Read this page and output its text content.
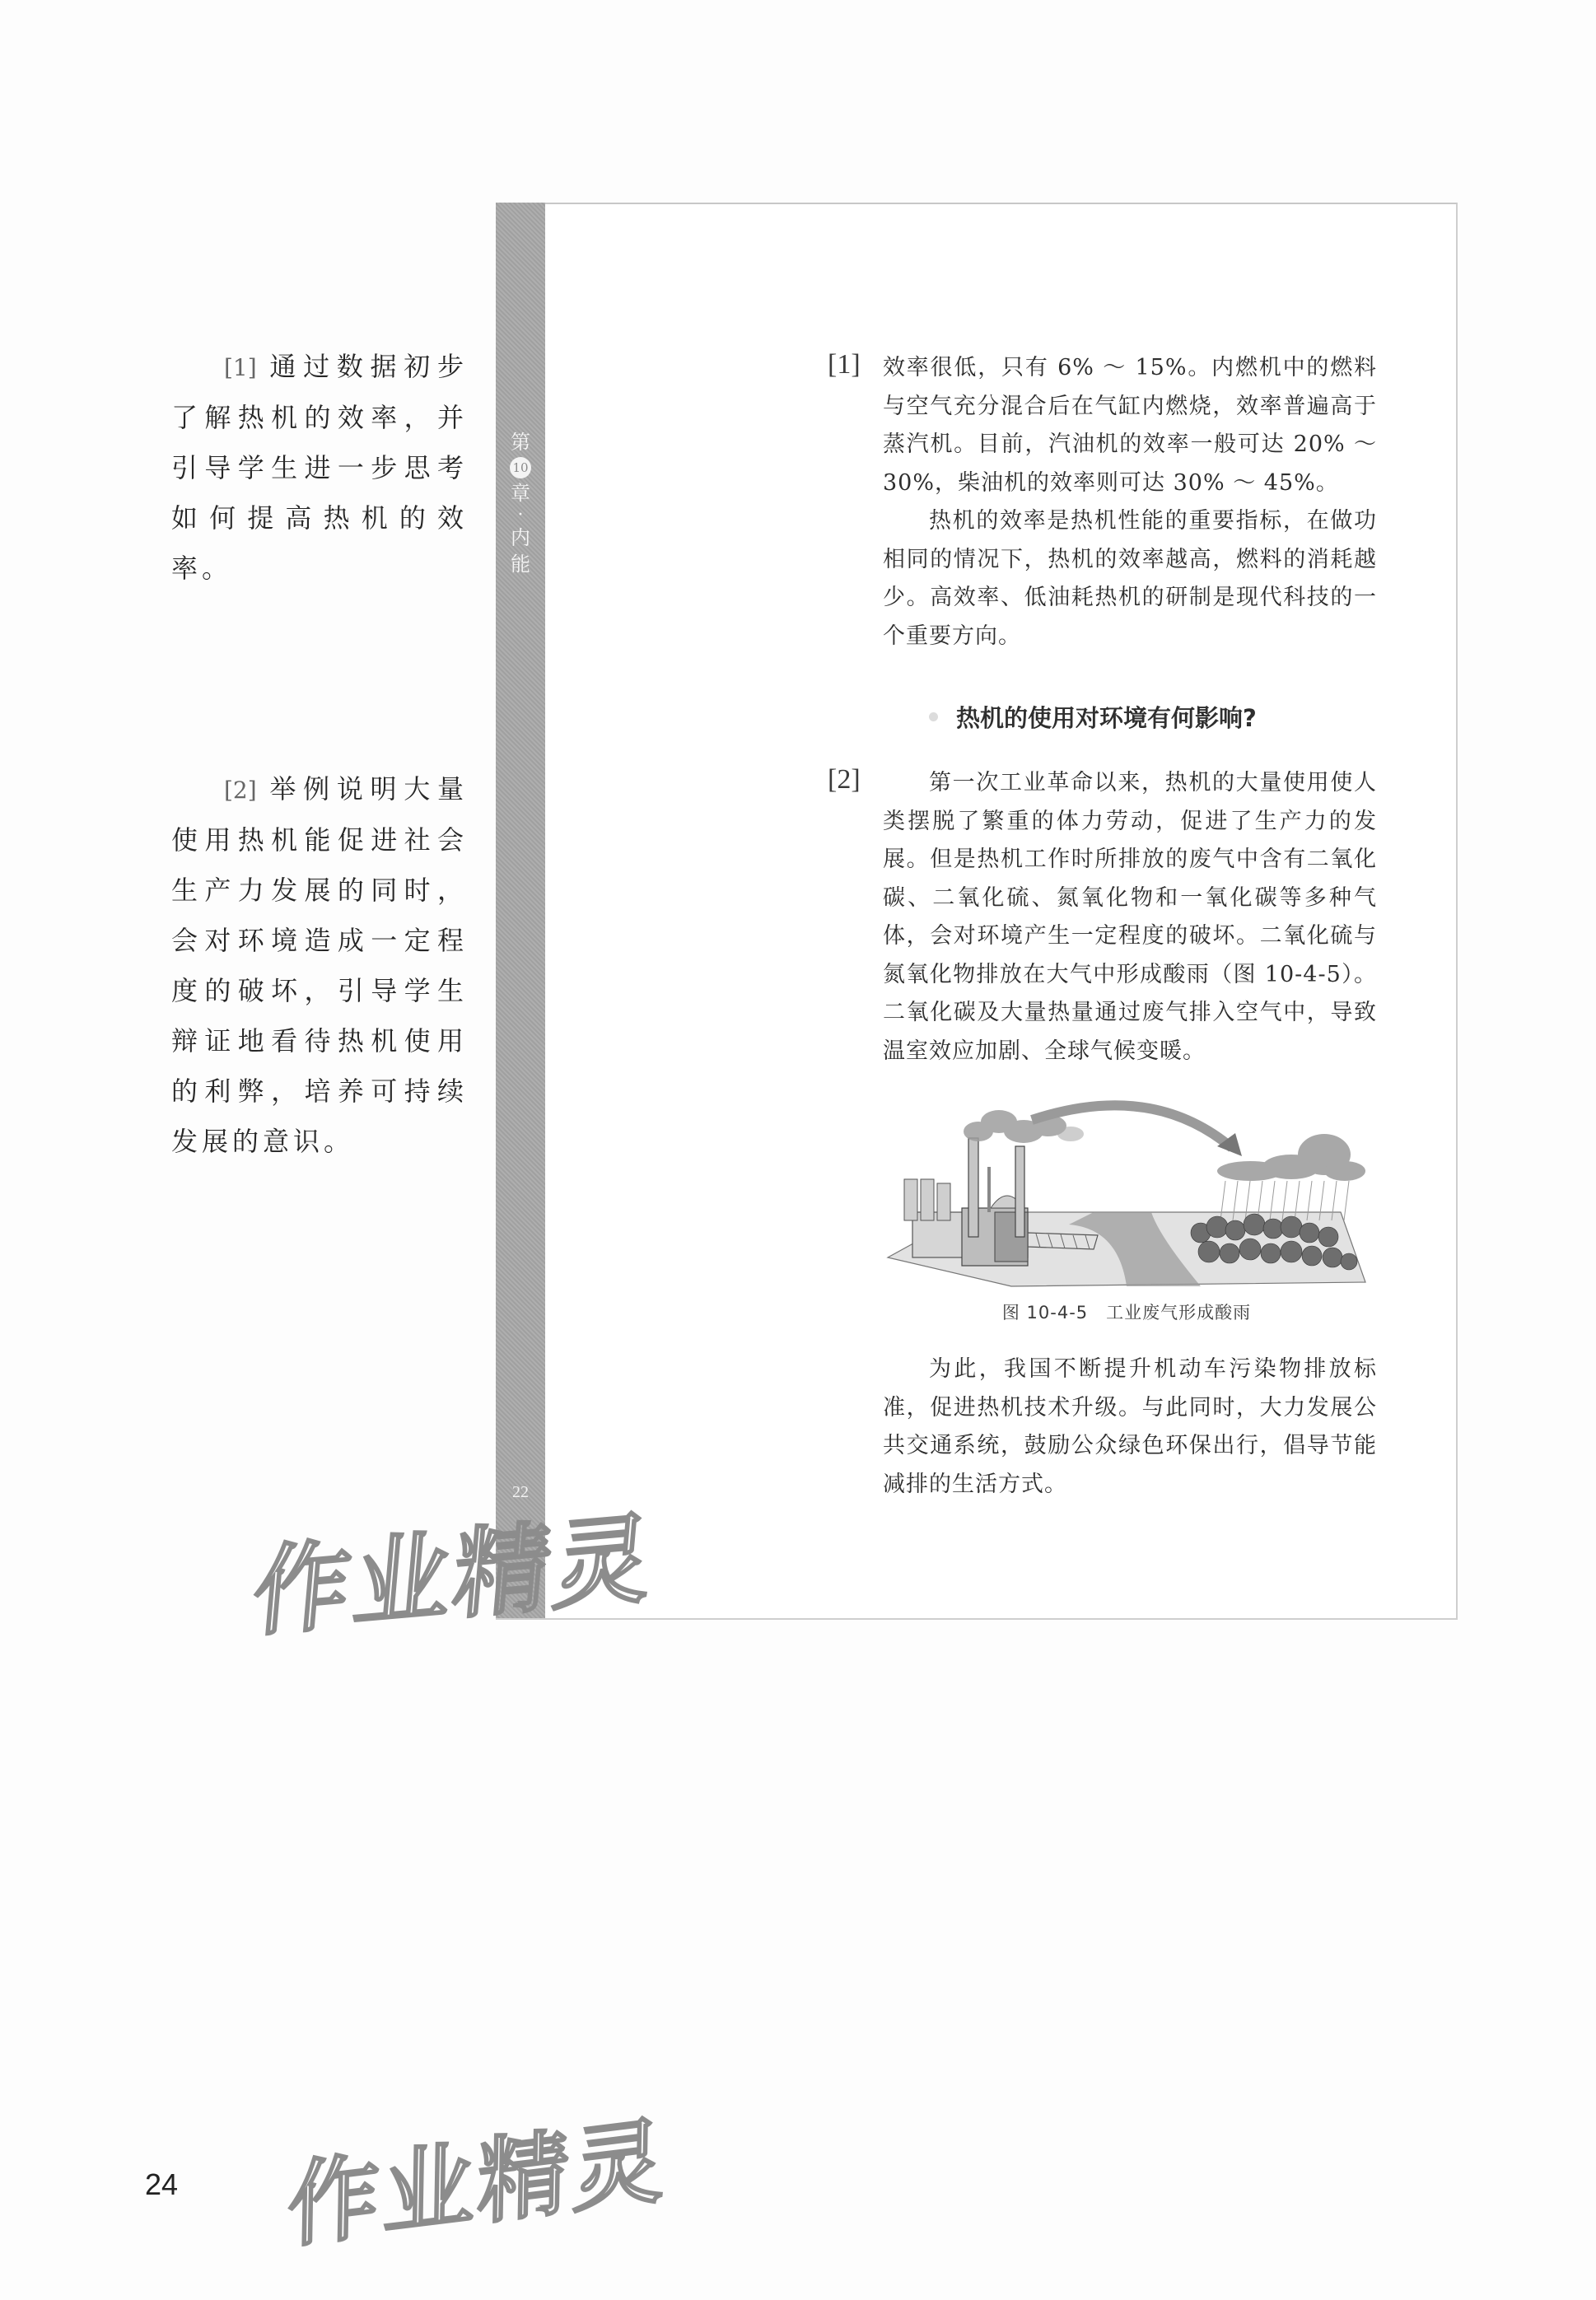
[1] 通过数据初步了解热机的效率，并引导学生进一步思考如何提高热机的效率。

[2] 举例说明大量使用热机能促进社会生产力发展的同时，会对环境造成一定程度的破坏，引导学生辩证地看待热机使用的利弊，培养可持续发展的意识。

第
10
章
·
内
能
22
[1] 效率很低，只有 6% ～ 15%。内燃机中的燃料与空气充分混合后在气缸内燃烧，效率普遍高于蒸汽机。目前，汽油机的效率一般可达 20% ～ 30%，柴油机的效率则可达 30% ～ 45%。

热机的效率是热机性能的重要指标，在做功相同的情况下，热机的效率越高，燃料的消耗越少。高效率、低油耗热机的研制是现代科技的一个重要方向。

热机的使用对环境有何影响?
[2]	第一次工业革命以来，热机的大量使用使人类摆脱了繁重的体力劳动，促进了生产力的发展。但是热机工作时所排放的废气中含有二氧化碳、二氧化硫、氮氧化物和一氧化碳等多种气体，会对环境产生一定程度的破坏。二氧化硫与氮氧化物排放在大气中形成酸雨（图 10-4-5）。二氧化碳及大量热量通过废气排入空气中，导致温室效应加剧、全球气候变暖。

图 10-4-5 工业废气形成酸雨

为此，我国不断提升机动车污染物排放标准，促进热机技术升级。与此同时，大力发展公共交通系统，鼓励公众绿色环保出行，倡导节能减排的生活方式。

作业精灵
作业精灵
24
